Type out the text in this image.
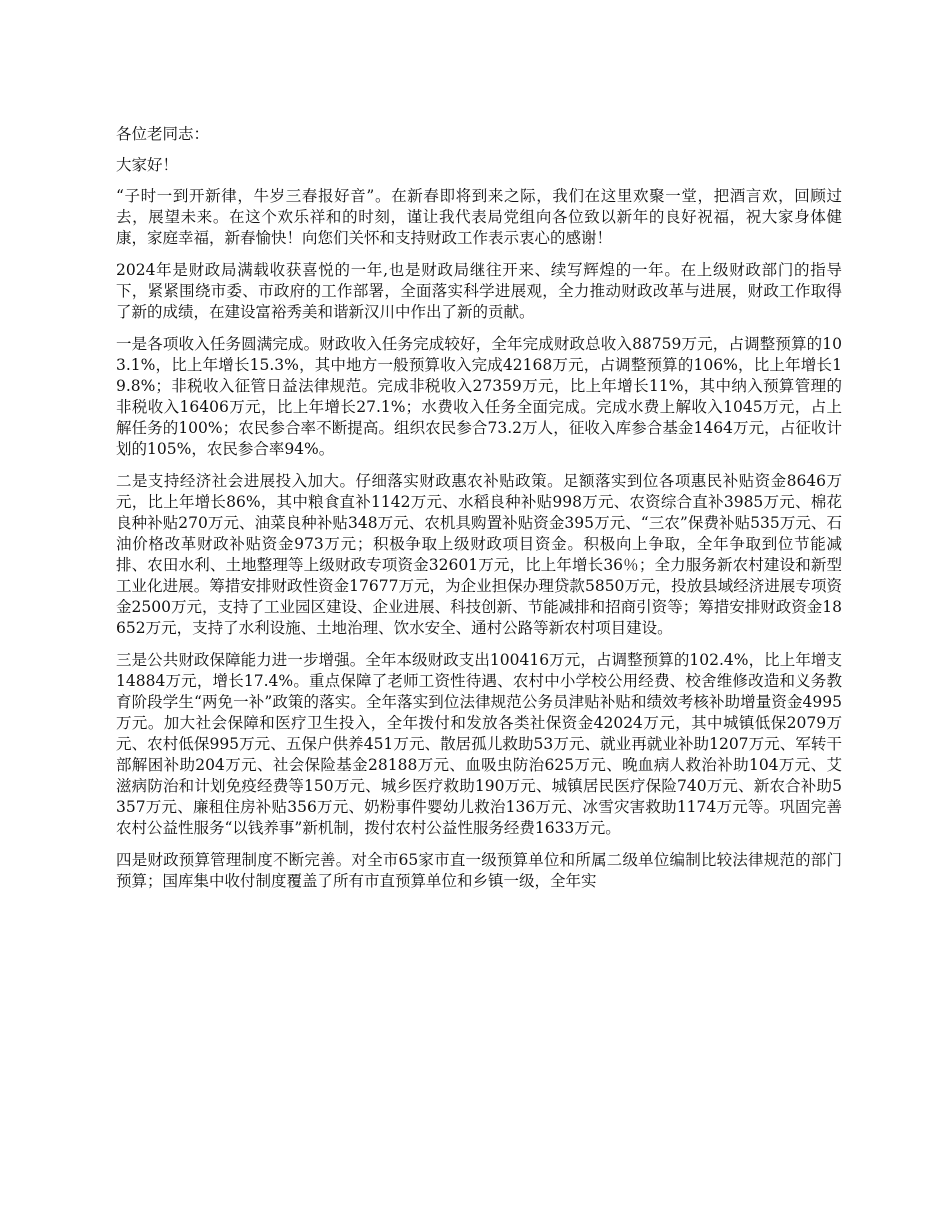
各位老同志：

大家好！

“子时一到开新律，牛岁三春报好音”。在新春即将到来之际，我们在这里欢聚一堂，把酒言欢，回顾过去，展望未来。在这个欢乐祥和的时刻，谨让我代表局党组向各位致以新年的良好祝福，祝大家身体健康，家庭幸福，新春愉快！向您们关怀和支持财政工作表示衷心的感谢！

2024年是财政局满载收获喜悦的一年,也是财政局继往开来、续写辉煌的一年。在上级财政部门的指导下，紧紧围绕市委、市政府的工作部署，全面落实科学进展观，全力推动财政改革与进展，财政工作取得了新的成绩，在建设富裕秀美和谐新汉川中作出了新的贡献。

一是各项收入任务圆满完成。财政收入任务完成较好，全年完成财政总收入88759万元，占调整预算的103.1%，比上年增长15.3%，其中地方一般预算收入完成42168万元，占调整预算的106%，比上年增长19.8%；非税收入征管日益法律规范。完成非税收入27359万元，比上年增长11%，其中纳入预算管理的非税收入16406万元，比上年增长27.1%；水费收入任务全面完成。完成水费上解收入1045万元，占上解任务的100%；农民参合率不断提高。组织农民参合73.2万人，征收入库参合基金1464万元，占征收计划的105%，农民参合率94%。

二是支持经济社会进展投入加大。仔细落实财政惠农补贴政策。足额落实到位各项惠民补贴资金8646万元，比上年增长86%，其中粮食直补1142万元、水稻良种补贴998万元、农资综合直补3985万元、棉花良种补贴270万元、油菜良种补贴348万元、农机具购置补贴资金395万元、“三农”保费补贴535万元、石油价格改革财政补贴资金973万元；积极争取上级财政项目资金。积极向上争取，全年争取到位节能减排、农田水利、土地整理等上级财政专项资金32601万元，比上年增长36％；全力服务新农村建设和新型工业化进展。筹措安排财政性资金17677万元，为企业担保办理贷款5850万元，投放县域经济进展专项资金2500万元，支持了工业园区建设、企业进展、科技创新、节能减排和招商引资等；筹措安排财政资金18652万元，支持了水利设施、土地治理、饮水安全、通村公路等新农村项目建设。

三是公共财政保障能力进一步增强。全年本级财政支出100416万元，占调整预算的102.4%，比上年增支14884万元，增长17.4%。重点保障了老师工资性待遇、农村中小学校公用经费、校舍维修改造和义务教育阶段学生“两免一补”政策的落实。全年落实到位法律规范公务员津贴补贴和绩效考核补助增量资金4995万元。加大社会保障和医疗卫生投入，全年拨付和发放各类社保资金42024万元，其中城镇低保2079万元、农村低保995万元、五保户供养451万元、散居孤儿救助53万元、就业再就业补助1207万元、军转干部解困补助204万元、社会保险基金28188万元、血吸虫防治625万元、晚血病人救治补助104万元、艾滋病防治和计划免疫经费等150万元、城乡医疗救助190万元、城镇居民医疗保险740万元、新农合补助5357万元、廉租住房补贴356万元、奶粉事件婴幼儿救治136万元、冰雪灾害救助1174万元等。巩固完善农村公益性服务“以钱养事”新机制，拨付农村公益性服务经费1633万元。

四是财政预算管理制度不断完善。对全市65家市直一级预算单位和所属二级单位编制比较法律规范的部门预算；国库集中收付制度覆盖了所有市直预算单位和乡镇一级，全年实
